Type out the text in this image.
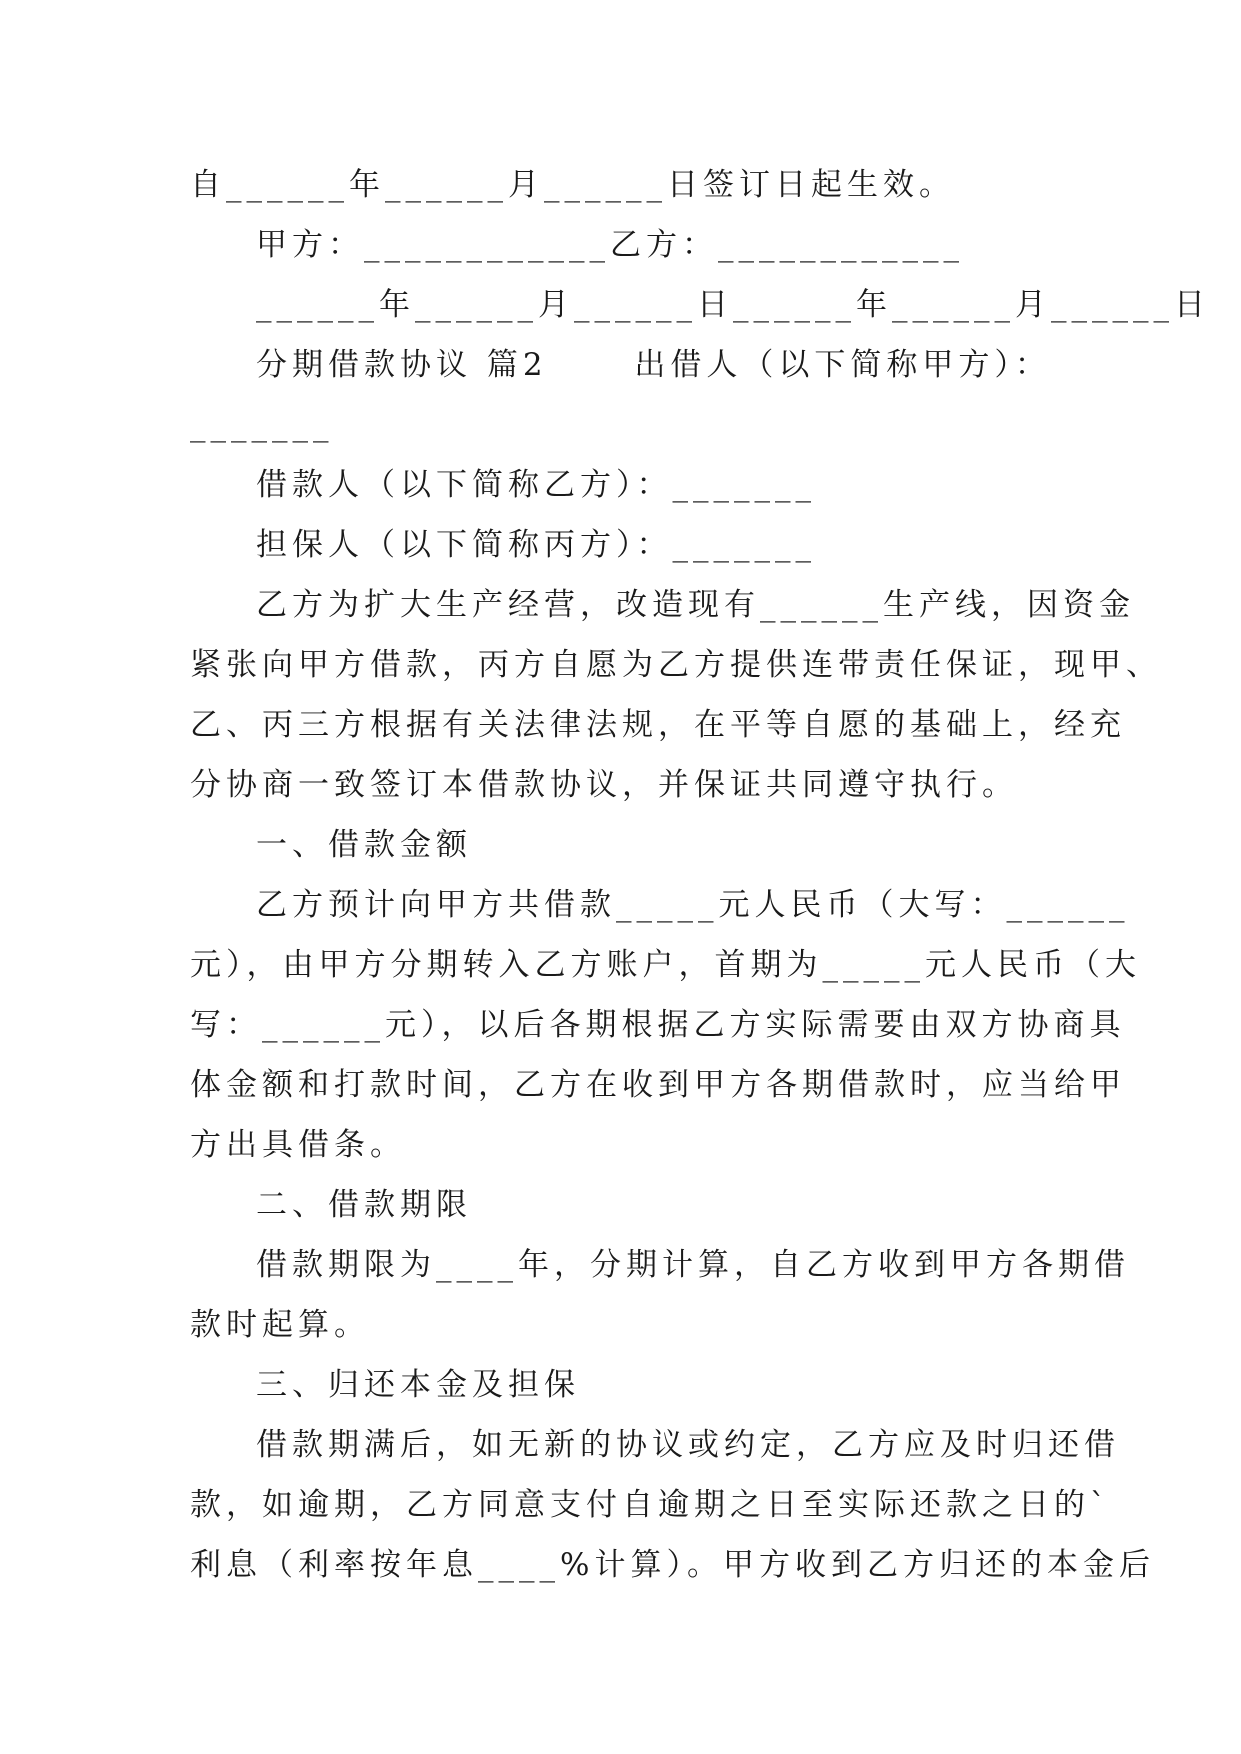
自______年______月______日签订日起生效。
甲方：____________乙方：____________
______年______月______日______年______月______日
分期借款协议 篇2　　 出借人（以下简称甲方）：
_______
借款人（以下简称乙方）：_______
担保人（以下简称丙方）：_______
乙方为扩大生产经营，改造现有______生产线，因资金
紧张向甲方借款，丙方自愿为乙方提供连带责任保证，现甲、
乙、丙三方根据有关法律法规，在平等自愿的基础上，经充
分协商一致签订本借款协议，并保证共同遵守执行。
一、借款金额
乙方预计向甲方共借款_____元人民币（大写：______
元），由甲方分期转入乙方账户，首期为_____元人民币（大
写：______元），以后各期根据乙方实际需要由双方协商具
体金额和打款时间，乙方在收到甲方各期借款时，应当给甲
方出具借条。
二、借款期限
借款期限为____年，分期计算，自乙方收到甲方各期借
款时起算。
三、归还本金及担保
借款期满后，如无新的协议或约定，乙方应及时归还借
款，如逾期，乙方同意支付自逾期之日至实际还款之日的`
利息（利率按年息____%计算）。甲方收到乙方归还的本金后
